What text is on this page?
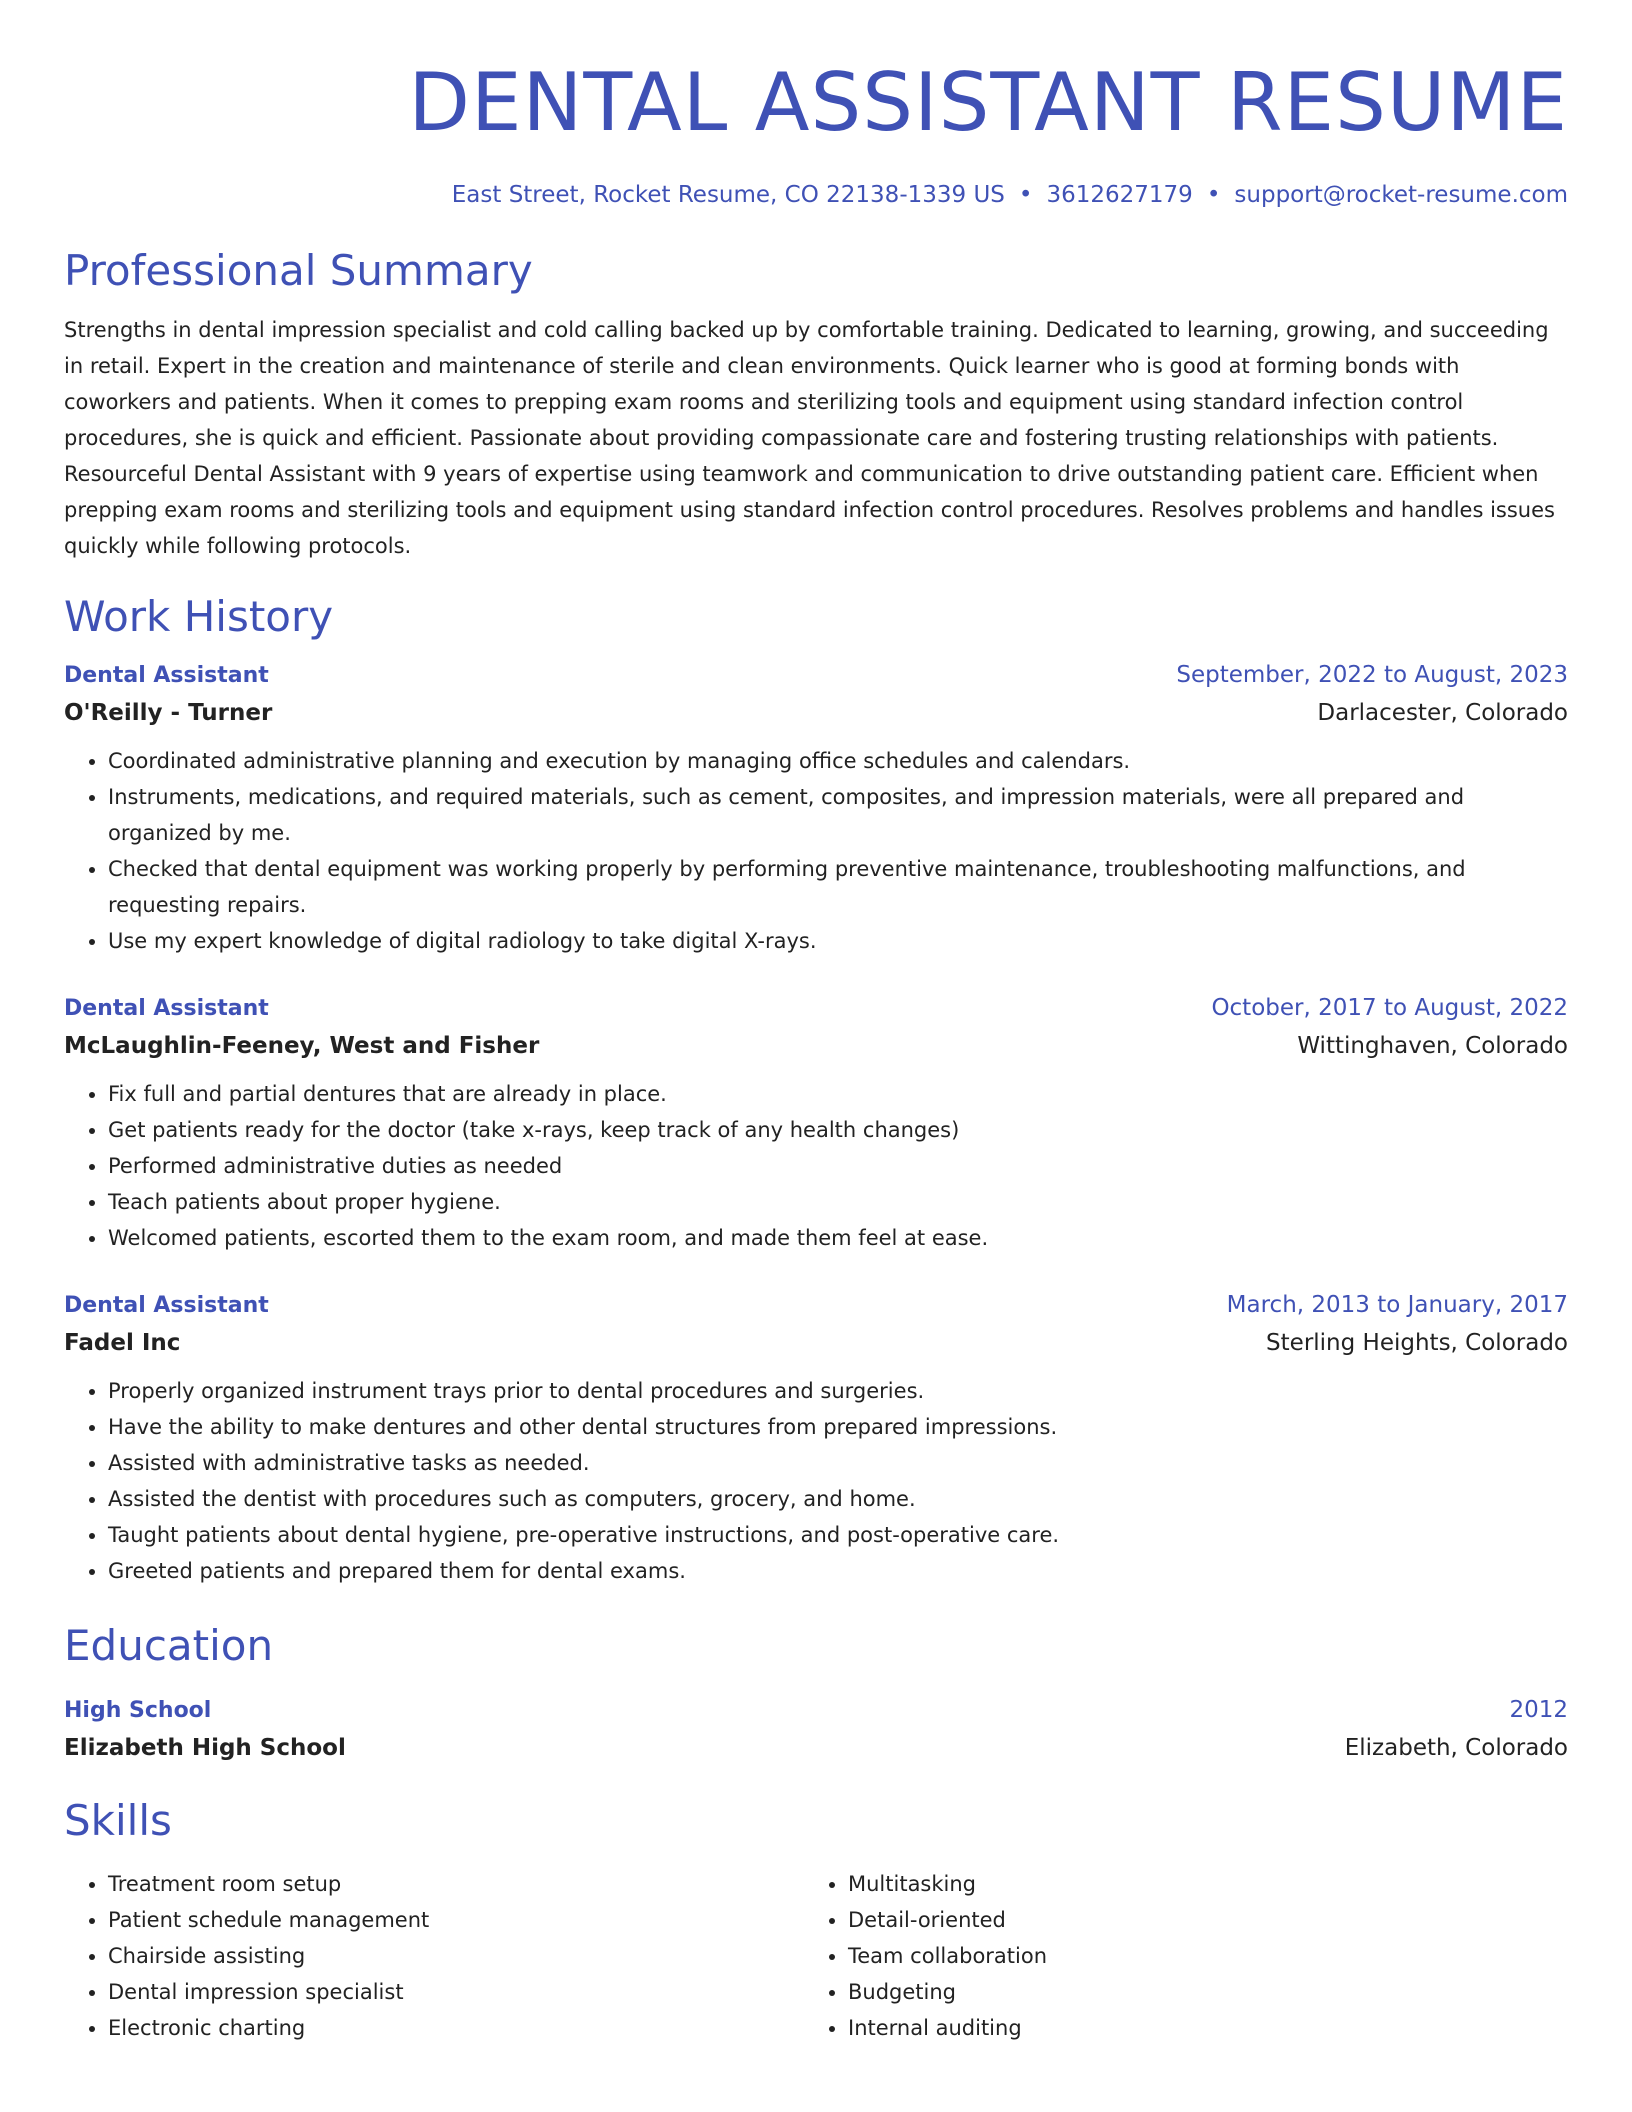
DENTAL ASSISTANT RESUME
East Street, Rocket Resume, CO 22138-1339 US • 3612627179 • support@rocket-resume.com
Professional Summary
Strengths in dental impression specialist and cold calling backed up by comfortable training. Dedicated to learning, growing, and succeeding in retail. Expert in the creation and maintenance of sterile and clean environments. Quick learner who is good at forming bonds with coworkers and patients. When it comes to prepping exam rooms and sterilizing tools and equipment using standard infection control procedures, she is quick and efficient. Passionate about providing compassionate care and fostering trusting relationships with patients. Resourceful Dental Assistant with 9 years of expertise using teamwork and communication to drive outstanding patient care. Efficient when prepping exam rooms and sterilizing tools and equipment using standard infection control procedures. Resolves problems and handles issues quickly while following protocols.
Work History
Dental Assistant	September, 2022 to August, 2023
O'Reilly - Turner	Darlacester, Colorado
• Coordinated administrative planning and execution by managing office schedules and calendars.
• Instruments, medications, and required materials, such as cement, composites, and impression materials, were all prepared and organized by me.
• Checked that dental equipment was working properly by performing preventive maintenance, troubleshooting malfunctions, and requesting repairs.
• Use my expert knowledge of digital radiology to take digital X-rays.
Dental Assistant	October, 2017 to August, 2022
McLaughlin-Feeney, West and Fisher	Wittinghaven, Colorado
• Fix full and partial dentures that are already in place.
• Get patients ready for the doctor (take x-rays, keep track of any health changes)
• Performed administrative duties as needed
• Teach patients about proper hygiene.
• Welcomed patients, escorted them to the exam room, and made them feel at ease.
Dental Assistant	March, 2013 to January, 2017
Fadel Inc	Sterling Heights, Colorado
• Properly organized instrument trays prior to dental procedures and surgeries.
• Have the ability to make dentures and other dental structures from prepared impressions.
• Assisted with administrative tasks as needed.
• Assisted the dentist with procedures such as computers, grocery, and home.
• Taught patients about dental hygiene, pre-operative instructions, and post-operative care.
• Greeted patients and prepared them for dental exams.
Education
High School	2012
Elizabeth High School	Elizabeth, Colorado
Skills
• Treatment room setup
• Patient schedule management
• Chairside assisting
• Dental impression specialist
• Electronic charting
• Multitasking
• Detail-oriented
• Team collaboration
• Budgeting
• Internal auditing
